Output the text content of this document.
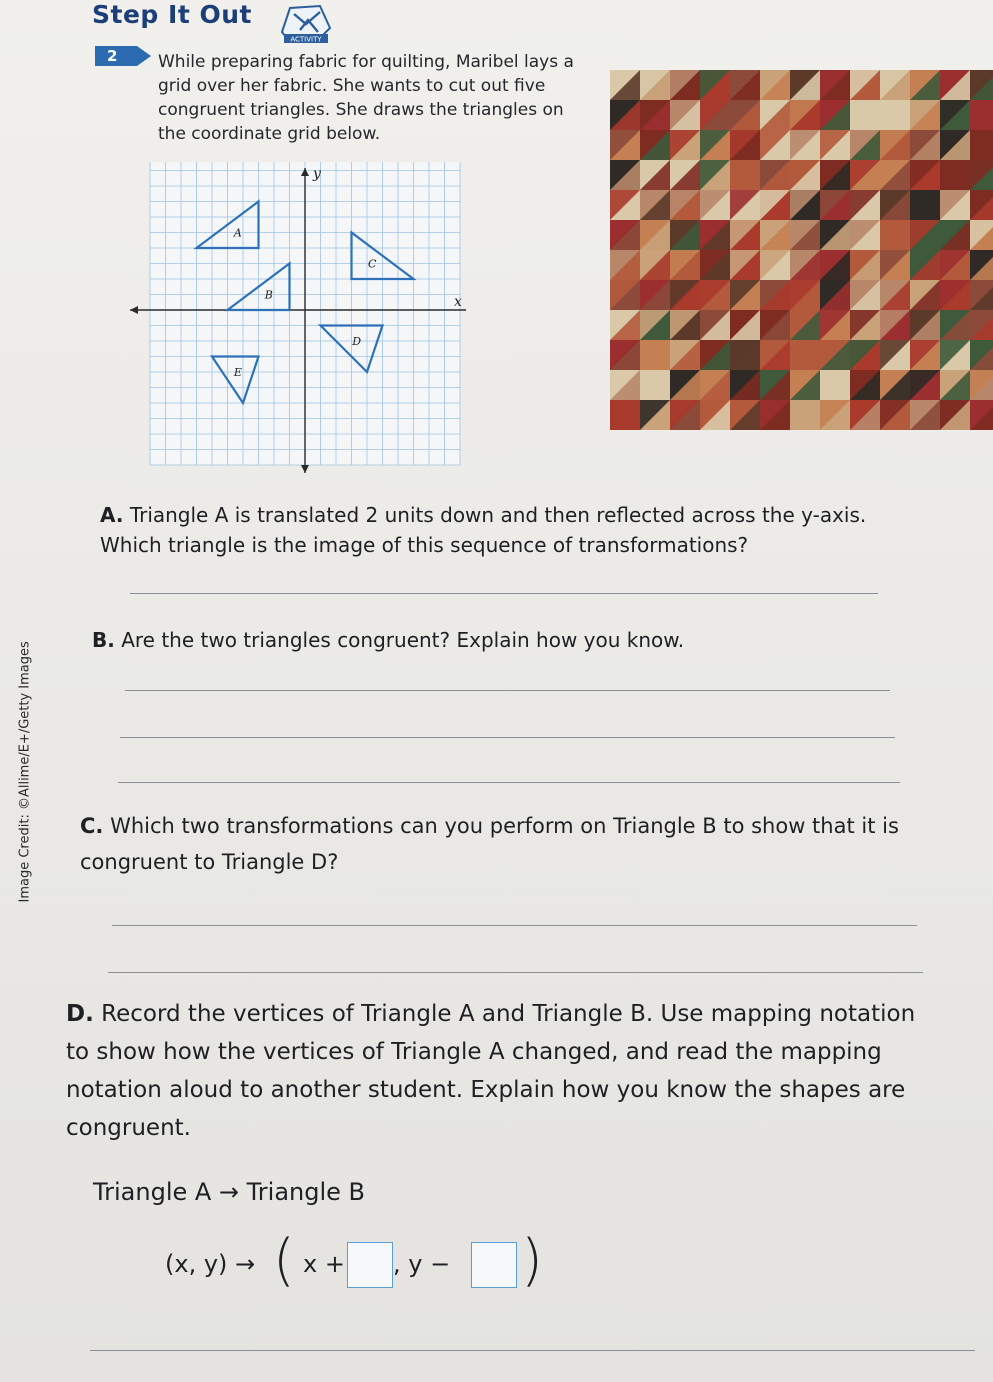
Step It Out
ACTIVITY
2 While preparing fabric for quilting, Maribel lays a grid over her fabric. She wants to cut out five congruent triangles. She draws the triangles on the coordinate grid below.
x
y
A
B
C
D
E
A. Triangle A is translated 2 units down and then reflected across the y-axis. Which triangle is the image of this sequence of transformations?
B. Are the two triangles congruent? Explain how you know.
C. Which two transformations can you perform on Triangle B to show that it is congruent to Triangle D?
D. Record the vertices of Triangle A and Triangle B. Use mapping notation to show how the vertices of Triangle A changed, and read the mapping notation aloud to another student. Explain how you know the shapes are congruent.
Triangle A → Triangle B
(x, y) → ( x + , y − )
Image Credit: ©Allime/E+/Getty Images
